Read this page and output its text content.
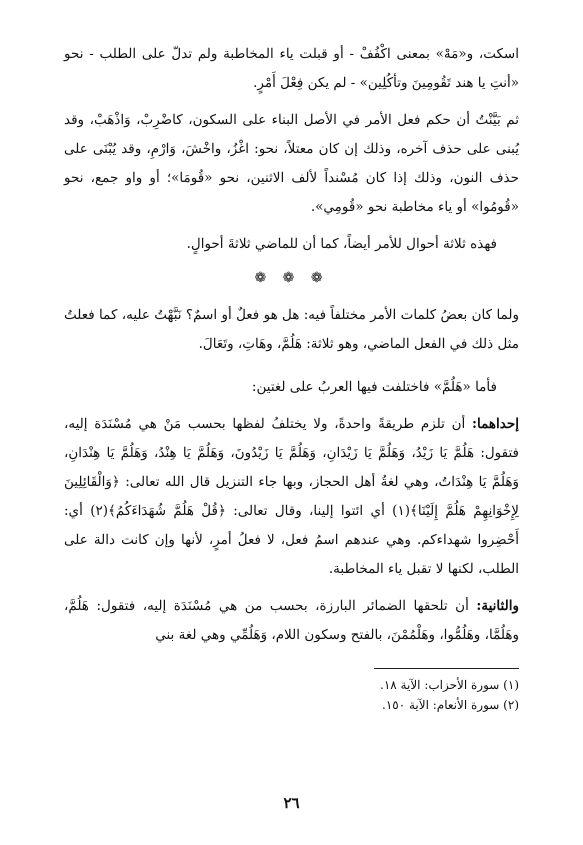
اسكت، و«مَهْ» بمعنى اكْفُفْ - أو قبلت ياء المخاطبة ولم تدلّ على الطلب - نحو «أنتِ يا هند تَقُومِينَ وتأكُلِين» - لم يكن فِعْلَ أَمْرٍ.

ثم بَيَّنْتُ أن حكم فعل الأمر في الأصل البناء على السكون، كاضْرِبْ، وَاذْهَبْ، وقد يُبنى على حذف آخره، وذلك إن كان معتلاً، نحو: اغْزُ، واخْشَ، وَارْمِ، وقد يُبْنَى على حذف النون، وذلك إذا كان مُسْنداً لألف الاثنين، نحو «قُومَا»؛ أو واو جمع، نحو «قُومُوا» أو ياء مخاطبة نحو «قُومِي».

فهذه ثلاثة أحوال للأمر أيضاً، كما أن للماضي ثلاثةَ أحوالٍ.

❁ ❁ ❁

ولما كان بعضُ كلمات الأمر مختلفاً فيه: هل هو فعلٌ أو اسمٌ؟ نَبَّهْتُ عليه، كما فعلتُ مثل ذلك في الفعل الماضي، وهو ثلاثة: هَلُمَّ، وهَاتِ، وتَعَالَ.

فأما «هَلُمَّ» فاختلفت فيها العربُ على لغتين:

إحداهما: أن تلزم طريقةً واحدةً، ولا يختلفُ لفظها بحسب مَنْ هي مُسْنَدَة إليه، فتقول: هَلُمَّ يَا زَيْدُ، وَهَلُمَّ يَا زَيْدَانِ، وَهَلُمَّ يَا زَيْدُونَ، وَهَلُمَّ يَا هِنْدُ، وَهَلُمَّ يَا هِنْدَانِ، وَهَلُمَّ يَا هِنْدَاتُ، وهي لغةُ أهل الحجاز، وبها جاء التنزيل قال الله تعالى: ﴿وَالْقَائِلِينَ لِإِخْوَانِهِمْ هَلُمَّ إِلَيْنَا﴾(١) أي ائتوا إلينا، وقال تعالى: ﴿قُلْ هَلُمَّ شُهَدَاءَكُمُ﴾(٢) أي: أَحْضِروا شهداءكم. وهي عندهم اسمُ فعل، لا فعلُ أمرٍ، لأنها وإن كانت دالة على الطلب، لكنها لا تقبل ياء المخاطبة.

والثانية: أن تلحقها الضمائر البارزة، بحسب من هي مُسْنَدَة إليه، فتقول: هَلُمَّ، وهَلُمَّا، وهَلُمُّوا، وهَلْمُمْنَ، بالفتح وسكون اللام، وَهَلُمِّي وهي لغة بني

(١) سورة الأحزاب: الآية ١٨.

(٢) سورة الأنعام: الآية ١٥٠.

٢٦
